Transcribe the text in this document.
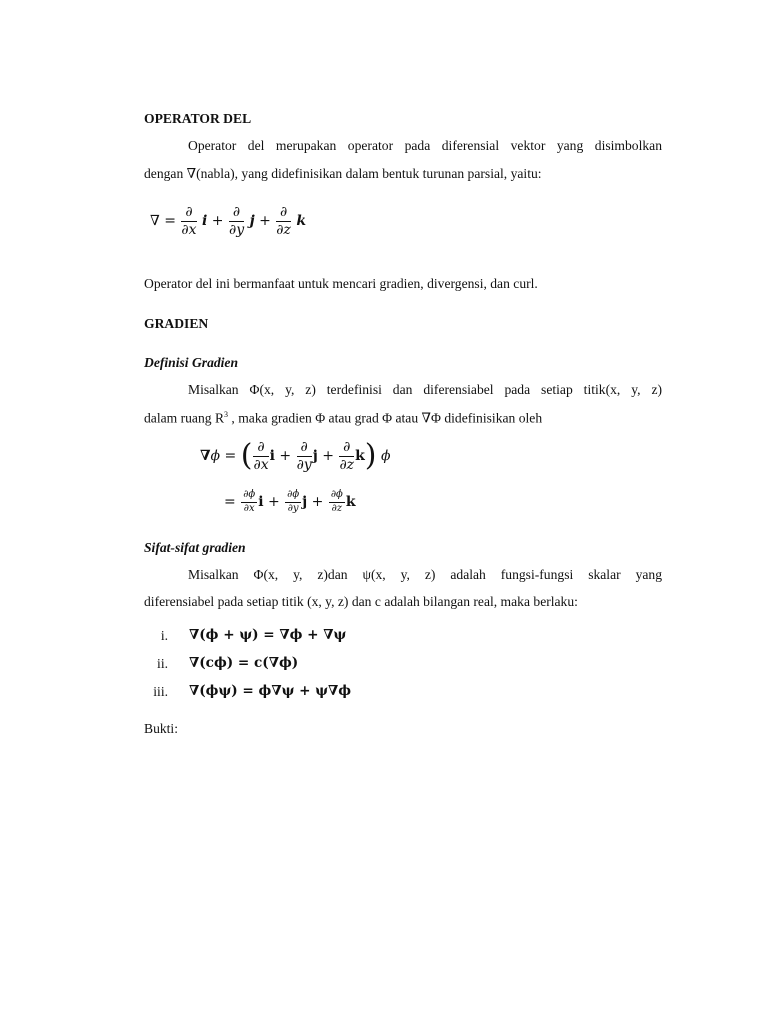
OPERATOR DEL
Operator del merupakan operator pada diferensial vektor yang disimbolkan
dengan ∇(nabla), yang didefinisikan dalam bentuk turunan parsial, yaitu:
∇ = $\frac{\partial}{\partial x}$ $i + \frac{\partial}{\partial y}$ $j + \frac{\partial}{\partial z}$ k
Operator del ini bermanfaat untuk mencari gradien, divergensi, dan curl.
GRADIEN
Definisi Gradien
Misalkan Φ(x, y, z) terdefinisi dan diferensiabel pada setiap titik(x, y, z)
dalam ruang $R^3$ , maka gradien Φ atau grad Φ atau ∇Φ didefinisikan oleh
∇ϕ = ( $\frac{\partial}{\partial x}$ $i + \frac{\partial}{\partial y}$ $j + \frac{\partial}{\partial z} k$) ϕ
= $\frac{\partial\phi}{\partial x}$ $i + \frac{\partial\phi}{\partial y}$ $j + \frac{\partial\phi}{\partial z}$ k
Sifat-sifat gradien
Misalkan Φ(x, y, z)dan ψ(x, y, z) adalah fungsi-fungsi skalar yang
diferensiabel pada setiap titik (x, y, z) dan c adalah bilangan real, maka berlaku:
i. ∇(ϕ + ψ) = ∇ϕ + ∇ψ
ii. ∇(cϕ) = c(∇ϕ)
iii. ∇(ϕψ) = ϕ∇ψ + ψ∇ϕ
Bukti:
